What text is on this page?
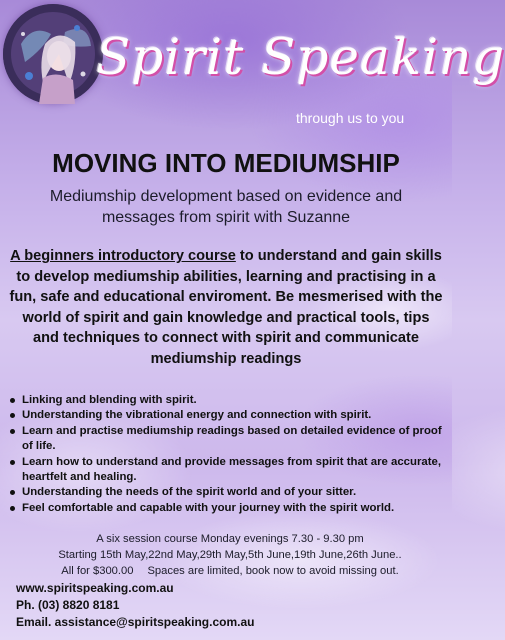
Spirit Speaking
through us to you
MOVING INTO MEDIUMSHIP

Mediumship development based on evidence and messages from spirit with Suzanne

A beginners introductory course to understand and gain skills to develop mediumship abilities, learning and practising in a fun, safe and educational enviroment. Be mesmerised with the world of spirit and gain knowledge and practical tools, tips and techniques to connect with spirit and communicate mediumship readings

Linking and blending with spirit.
Understanding the vibrational energy and connection with spirit.
Learn and practise mediumship readings based on detailed evidence of proof of life.
Learn how to understand and provide messages from spirit that are accurate, heartfelt and healing.
Understanding the needs of the spirit world and of your sitter.
Feel comfortable and capable with your journey with the spirit world.
A six session course Monday evenings 7.30 - 9.30 pm
Starting 15th May,22nd May,29th May,5th June,19th June,26th June..
All for $300.00 Spaces are limited, book now to avoid missing out.
www.spiritspeaking.com.au
Ph. (03) 8820 8181
Email. assistance@spiritspeaking.com.au
